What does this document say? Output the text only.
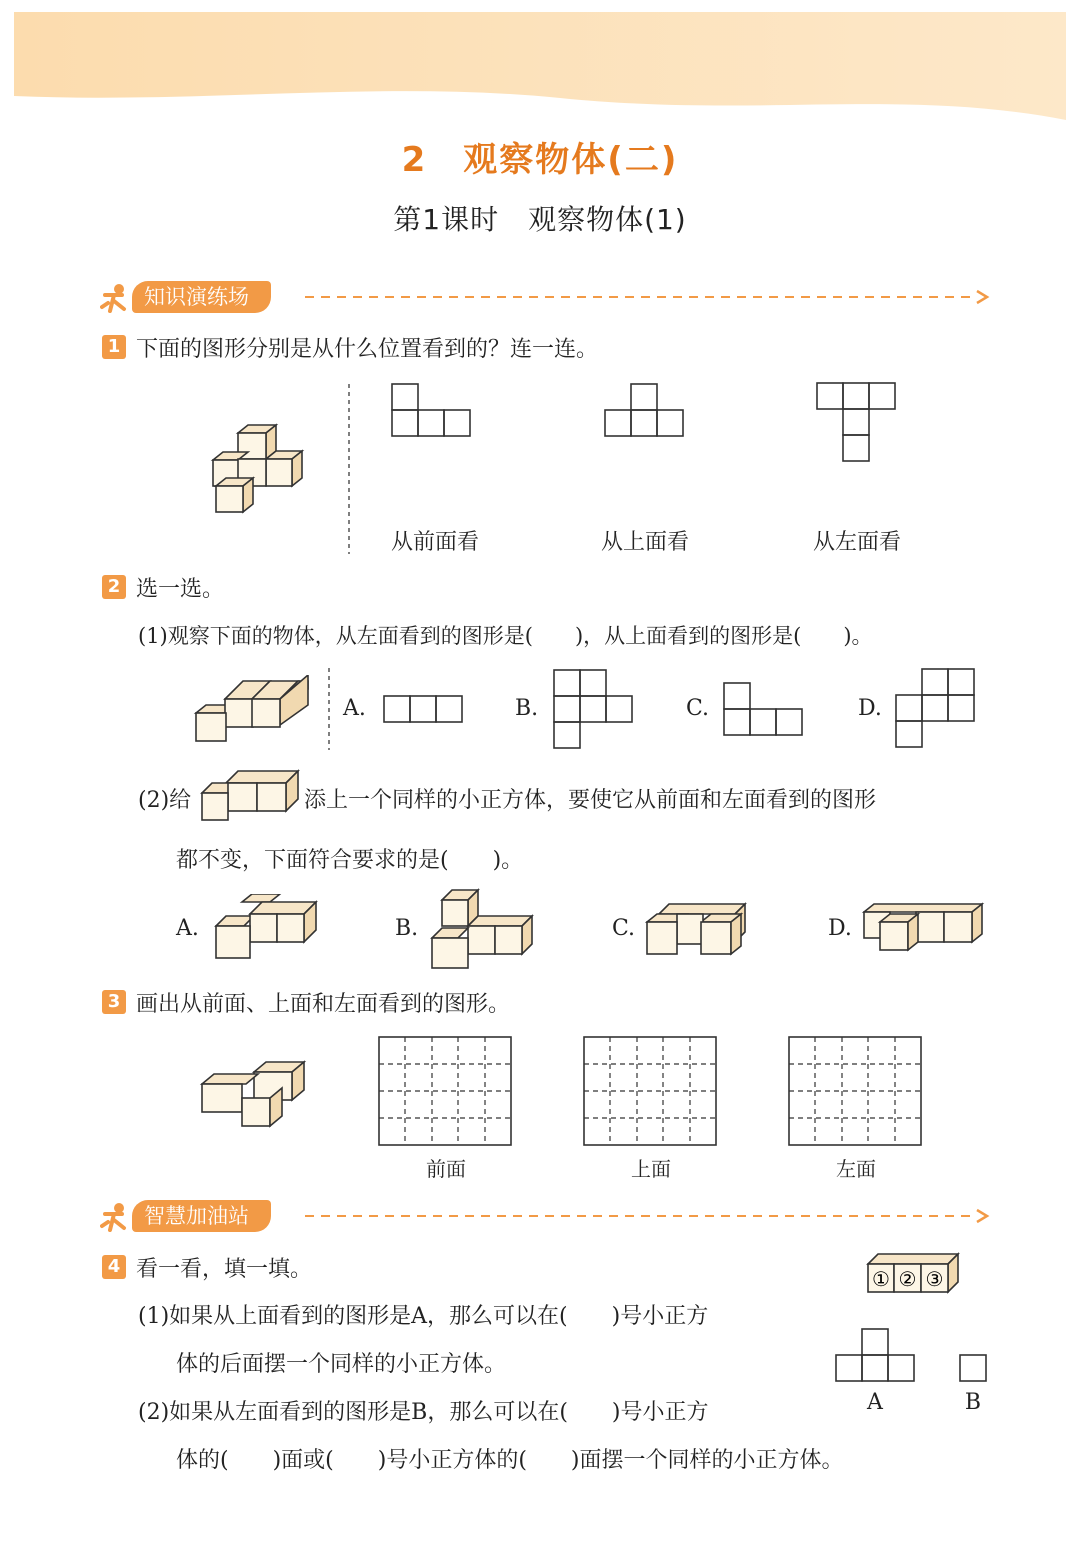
2　观察物体(二)
第1课时　观察物体(1)
知识演练场
1 下面的图形分别是从什么位置看到的？连一连。
从前面看	从上面看	从左面看
2 选一选。
(1)观察下面的物体，从左面看到的图形是(　　)，从上面看到的图形是(　　)。
A.	B.	C.	D.
(2)给	添上一个同样的小正方体，要使它从前面和左面看到的图形
都不变，下面符合要求的是(　　)。
A.	B.	C.	D.
3 画出从前面、上面和左面看到的图形。
前面	上面	左面
智慧加油站
4 看一看，填一填。	① ② ③
(1)如果从上面看到的图形是A，那么可以在(　　)号小正方
体的后面摆一个同样的小正方体。
(2)如果从左面看到的图形是B，那么可以在(　　)号小正方
体的(　　)面或(　　)号小正方体的(　　)面摆一个同样的小正方体。
A	B
